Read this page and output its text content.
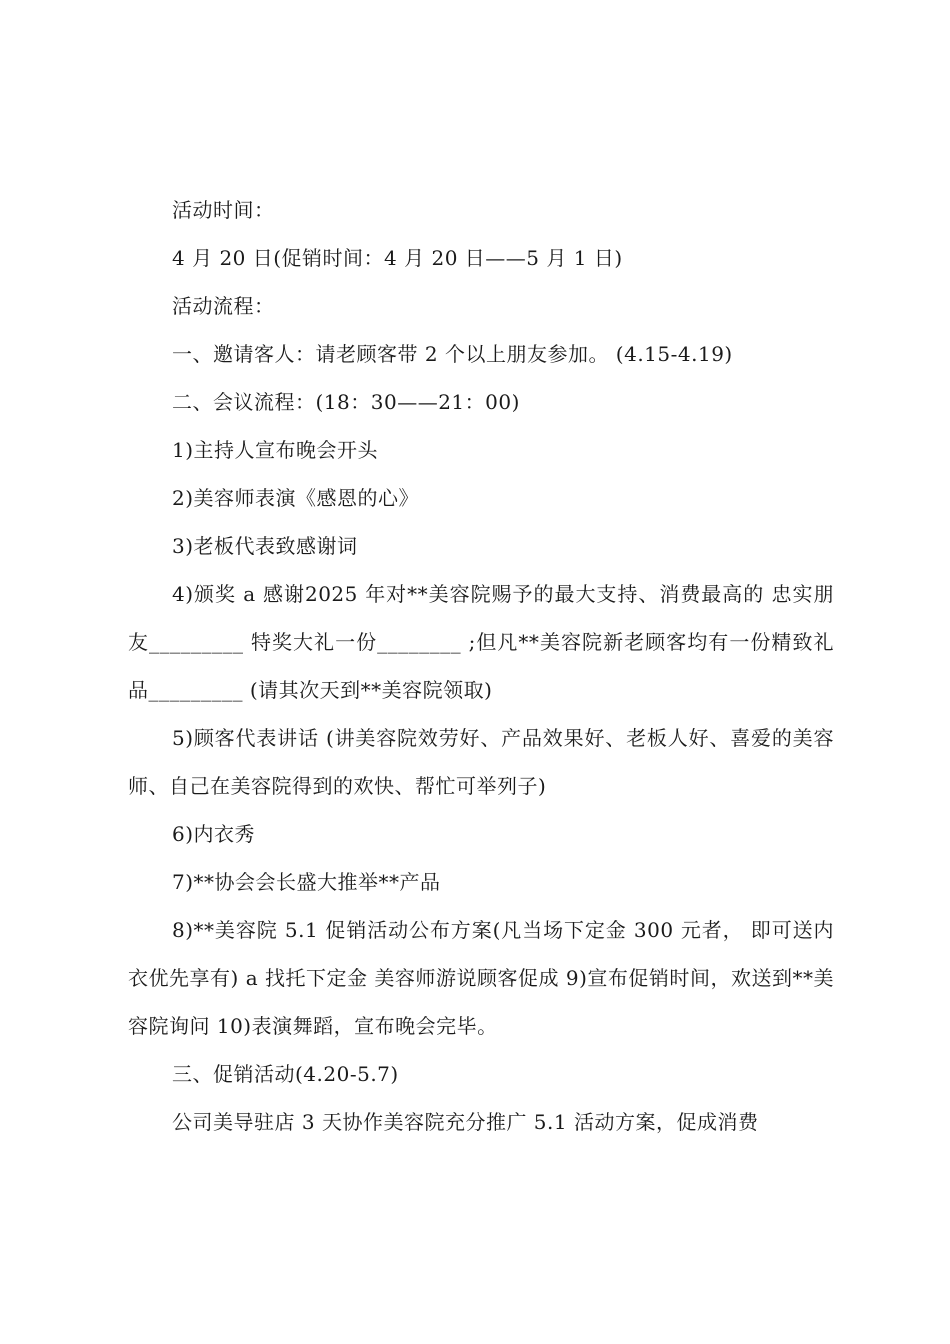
活动时间：
4 月 20 日(促销时间：4 月 20 日——5 月 1 日)
活动流程：
一、邀请客人：请老顾客带 2 个以上朋友参加。 (4.15-4.19)
二、会议流程：(18：30——21：00)
1)主持人宣布晚会开头
2)美容师表演《感恩的心》
3)老板代表致感谢词
4)颁奖 a 感谢2025 年对**美容院赐予的最大支持、消费最高的 忠实朋友_________ 特奖大礼一份________ ;但凡**美容院新老顾客均有一份精致礼品_________ (请其次天到**美容院领取)
5)顾客代表讲话 (讲美容院效劳好、产品效果好、老板人好、喜爱的美容 师、自己在美容院得到的欢快、帮忙可举列子)
6)内衣秀
7)**协会会长盛大推举**产品
8)**美容院 5.1 促销活动公布方案(凡当场下定金 300 元者， 即可送内衣优先享有) a 找托下定金 美容师游说顾客促成 9)宣布促销时间，欢送到**美容院询问 10)表演舞蹈，宣布晚会完毕。
三、促销活动(4.20-5.7)
公司美导驻店 3 天协作美容院充分推广 5.1 活动方案，促成消费
